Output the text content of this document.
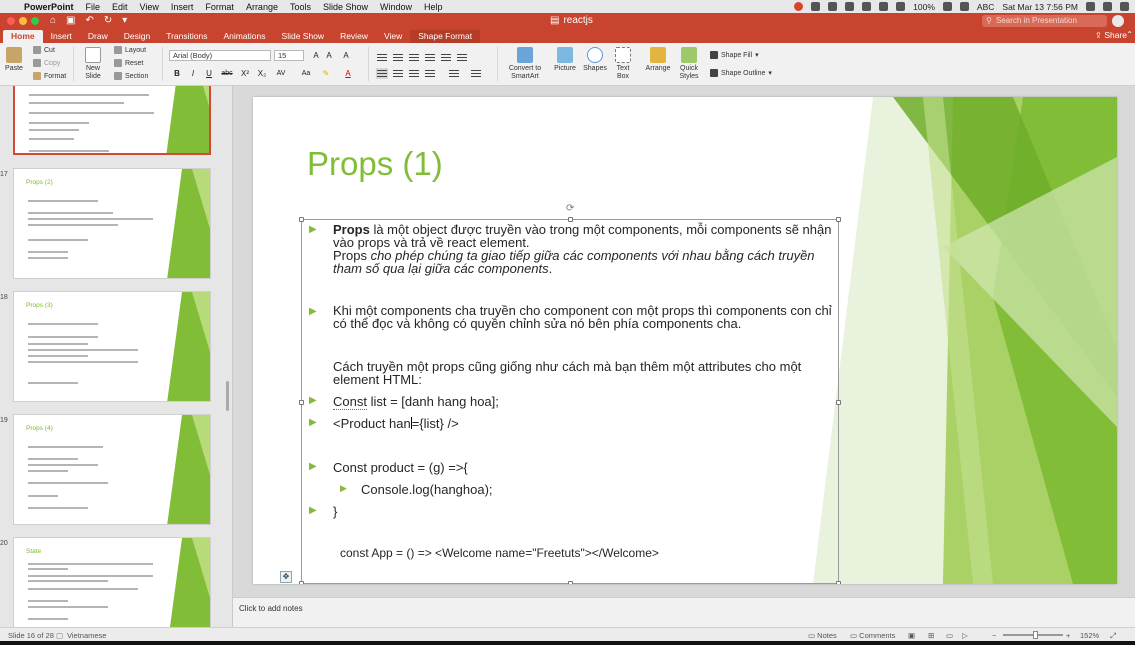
PowerPoint File Edit View Insert Format Arrange Tools Slide Show Window Help	100%	ABC Sat Mar 13 7:56 PM
⌂ ▣ ↶ ↻ ▾	▤ reactjs	⚲ Search in Presentation
Home	Insert	Draw	Design	Transitions	Animations	Slide Show	Review	View	Shape Format	⇪ Share ⌃
Paste
Cut
Copy
Format
New
Slide
Layout
Reset
Section
Arial (Body)	15	A A	A
B	I	U	abc X² X₂ AV Aa	✎	A
Convert to
SmartArt
Picture Shapes Text
Box
Arrange Quick
Styles
Shape Fill ▾
Shape Outline ▾
17
Props (2)
18
Props (3)
19
Props (4)
20
State
Props (1)
⟳
▶ Props là một object được truyền vào trong một components, mỗi components sẽ nhận vào props và trả về react element.
Props cho phép chúng ta giao tiếp giữa các components với nhau bằng cách truyền tham số qua lại giữa các components.
▶ Khi một components cha truyền cho component con một props thì components con chỉ có thể đọc và không có quyền chỉnh sửa nó bên phía components cha.
Cách truyền một props cũng giống như cách mà bạn thêm một attributes cho một element HTML:
▶ Const list = [danh hang hoa];
▶ <Product han={list} />
▶ Const product = (g) =>{
▶ Console.log(hanghoa);
▶ }
const App = () => <Welcome name="Freetuts"></Welcome>
✥
Click to add notes
Slide 16 of 28 ▢ Vietnamese	▭ Notes ▭ Comments ▣ ⊞ ▭ ▷	−	+ 152% ⤢
